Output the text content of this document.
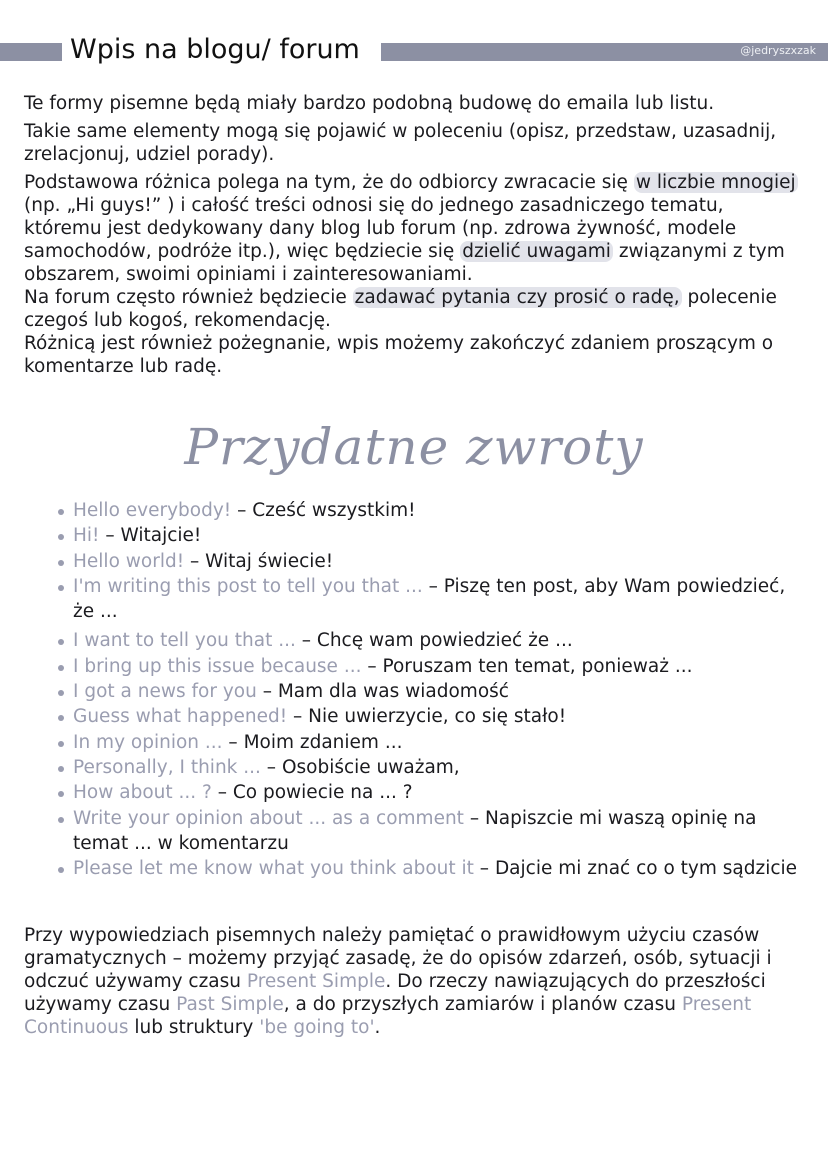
Wpis na blogu/ forum	@jedryszxzak

Te formy pisemne będą miały bardzo podobną budowę do emaila lub listu.

Takie same elementy mogą się pojawić w poleceniu (opisz, przedstaw, uzasadnij, zrelacjonuj, udziel porady).

Podstawowa różnica polega na tym, że do odbiorcy zwracacie się w liczbie mnogiej (np. „Hi guys!” ) i całość treści odnosi się do jednego zasadniczego tematu, któremu jest dedykowany dany blog lub forum (np. zdrowa żywność, modele samochodów, podróże itp.), więc będziecie się dzielić uwagami związanymi z tym obszarem, swoimi opiniami i zainteresowaniami.

Na forum często również będziecie zadawać pytania czy prosić o radę, polecenie czegoś lub kogoś, rekomendację.

Różnicą jest również pożegnanie, wpis możemy zakończyć zdaniem proszącym o komentarze lub radę.

Przydatne zwroty
Hello everybody! – Cześć wszystkim!
Hi! – Witajcie!
Hello world! – Witaj świecie!
I'm writing this post to tell you that ... – Piszę ten post, aby Wam powiedzieć, że ...
I want to tell you that ... – Chcę wam powiedzieć że ...
I bring up this issue because ... – Poruszam ten temat, ponieważ ...
I got a news for you – Mam dla was wiadomość
Guess what happened! – Nie uwierzycie, co się stało!
In my opinion ... – Moim zdaniem ...
Personally, I think ... – Osobiście uważam,
How about ... ? – Co powiecie na ... ?
Write your opinion about ... as a comment – Napiszcie mi waszą opinię na temat ... w komentarzu
Please let me know what you think about it – Dajcie mi znać co o tym sądzicie

Przy wypowiedziach pisemnych należy pamiętać o prawidłowym użyciu czasów gramatycznych – możemy przyjąć zasadę, że do opisów zdarzeń, osób, sytuacji i odczuć używamy czasu Present Simple. Do rzeczy nawiązujących do przeszłości używamy czasu Past Simple, a do przyszłych zamiarów i planów czasu Present Continuous lub struktury 'be going to'.
